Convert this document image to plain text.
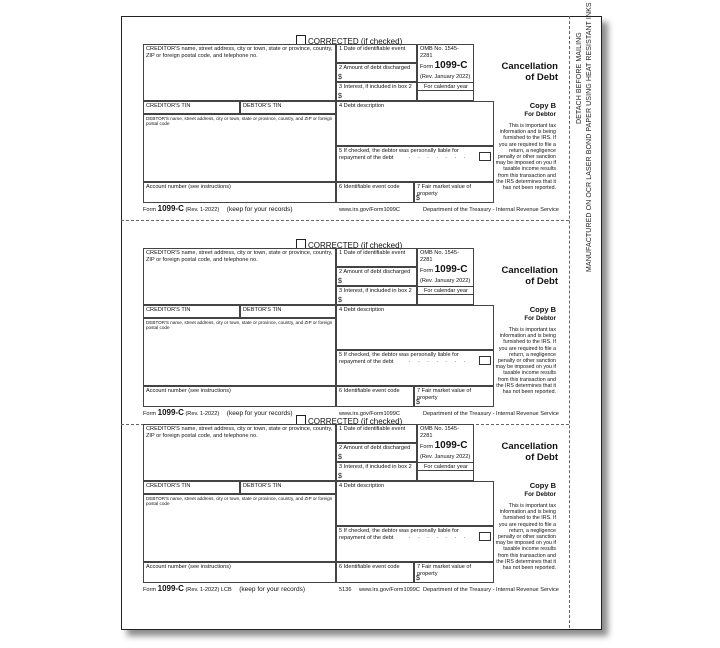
DETACH BEFORE MAILING MANUFACTURED ON OCR LASER BOND PAPER USING HEAT RESISTANT INKS
CORRECTED (if checked)
CREDITOR'S name, street address, city or town, state or province, country, ZIP or foreign postal code, and telephone no.
1 Date of identifiable event
2 Amount of debt discharged
$
3 Interest, if included in box 2
$
OMB No. 1545-2281
Form 1099-C
(Rev. January 2022)
For calendar year
Cancellation
of Debt
CREDITOR'S TIN	DEBTOR'S TIN	4 Debt description
DEBTOR'S name, street address, city or town, state or province, country, and ZIP or foreign postal code
Copy B
For Debtor
This is important tax information and is being furnished to the IRS. If you are required to file a return, a negligence penalty or other sanction may be imposed on you if taxable income results from this transaction and the IRS determines that it has not been reported.
5 If checked, the debtor was personally liable for repayment of the debt	. . . . . . .
Account number (see instructions)	6 Identifiable event code	7 Fair market value of property
$
Form 1099-C (Rev. 1-2022) (keep for your records)	www.irs.gov/Form1099C	Department of the Treasury - Internal Revenue Service
CORRECTED (if checked)
CREDITOR'S name, street address, city or town, state or province, country, ZIP or foreign postal code, and telephone no.
1 Date of identifiable event
2 Amount of debt discharged
$
3 Interest, if included in box 2
$
OMB No. 1545-2281
Form 1099-C
(Rev. January 2022)
For calendar year
Cancellation
of Debt
CREDITOR'S TIN	DEBTOR'S TIN	4 Debt description
DEBTOR'S name, street address, city or town, state or province, country, and ZIP or foreign postal code
Copy B
For Debtor
This is important tax information and is being furnished to the IRS. If you are required to file a return, a negligence penalty or other sanction may be imposed on you if taxable income results from this transaction and the IRS determines that it has not been reported.
5 If checked, the debtor was personally liable for repayment of the debt	. . . . . . .
Account number (see instructions)	6 Identifiable event code	7 Fair market value of property
$
Form 1099-C (Rev. 1-2022) (keep for your records)	www.irs.gov/Form1099C	Department of the Treasury - Internal Revenue Service
CORRECTED (if checked)
CREDITOR'S name, street address, city or town, state or province, country, ZIP or foreign postal code, and telephone no.
1 Date of identifiable event
2 Amount of debt discharged
$
3 Interest, if included in box 2
$
OMB No. 1545-2281
Form 1099-C
(Rev. January 2022)
For calendar year
Cancellation
of Debt
CREDITOR'S TIN	DEBTOR'S TIN	4 Debt description
DEBTOR'S name, street address, city or town, state or province, country, and ZIP or foreign postal code
Copy B
For Debtor
This is important tax information and is being furnished to the IRS. If you are required to file a return, a negligence penalty or other sanction may be imposed on you if taxable income results from this transaction and the IRS determines that it has not been reported.
5 If checked, the debtor was personally liable for repayment of the debt	. . . . . . .
Account number (see instructions)	6 Identifiable event code	7 Fair market value of property
$
Form 1099-C (Rev. 1-2022) LCB (keep for your records)	5136 www.irs.gov/Form1099C Department of the Treasury - Internal Revenue Service
